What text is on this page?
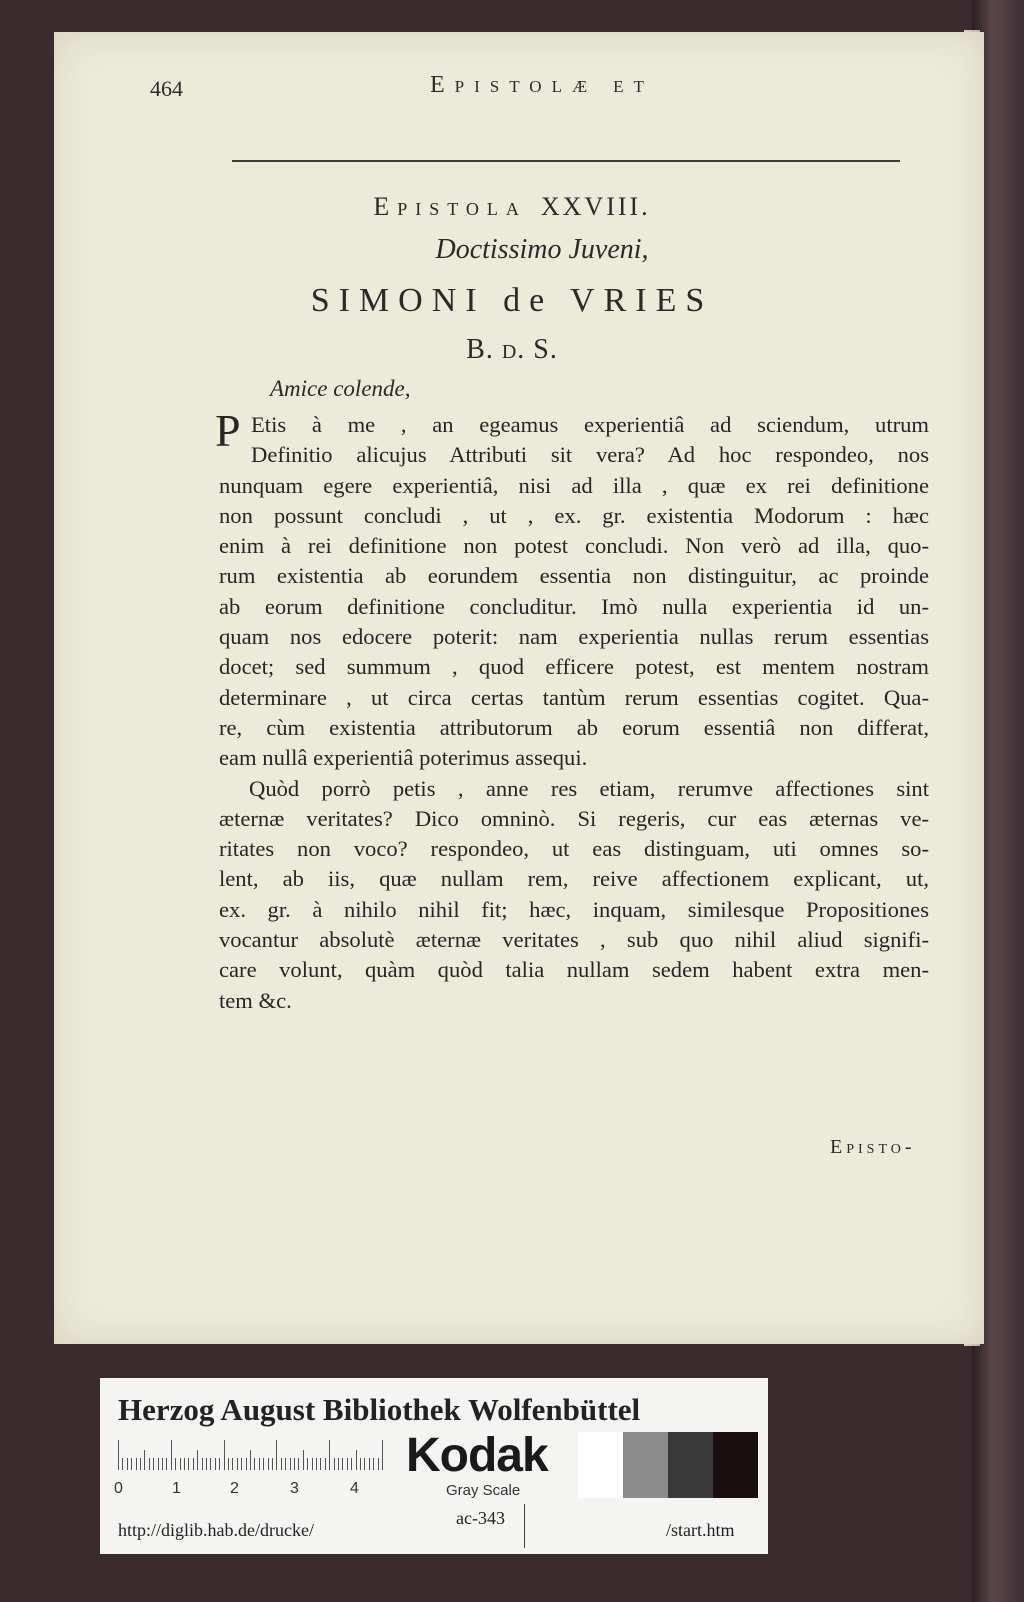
464	Epistolæ et
Epistola XXVIII.
Doctissimo Juveni,
SIMONI de VRIES
B. d. S.
Amice colende,
P Etis à me , an egeamus experientiâ ad sciendum, utrum
Definitio alicujus Attributi sit vera? Ad hoc respondeo, nos
nunquam egere experientiâ, nisi ad illa , quæ ex rei definitione
non possunt concludi , ut , ex. gr. existentia Modorum : hæc
enim à rei definitione non potest concludi. Non verò ad illa, quo-
rum existentia ab eorundem essentia non distinguitur, ac proinde
ab eorum definitione concluditur. Imò nulla experientia id un-
quam nos edocere poterit: nam experientia nullas rerum essentias
docet; sed summum , quod efficere potest, est mentem nostram
determinare , ut circa certas tantùm rerum essentias cogitet. Qua-
re, cùm existentia attributorum ab eorum essentiâ non differat,
eam nullâ experientiâ poterimus assequi.
Quòd porrò petis , anne res etiam, rerumve affectiones sint
æternæ veritates? Dico omninò. Si regeris, cur eas æternas ve-
ritates non voco? respondeo, ut eas distinguam, uti omnes so-
lent, ab iis, quæ nullam rem, reive affectionem explicant, ut,
ex. gr. à nihilo nihil fit; hæc, inquam, similesque Propositiones
vocantur absolutè æternæ veritates , sub quo nihil aliud signifi-
care volunt, quàm quòd talia nullam sedem habent extra men-
tem &c.
Episto-
Herzog August Bibliothek Wolfenbüttel
0	1	2	3	4
Kodak
Gray Scale
http://diglib.hab.de/drucke/
ac-343
/start.htm
